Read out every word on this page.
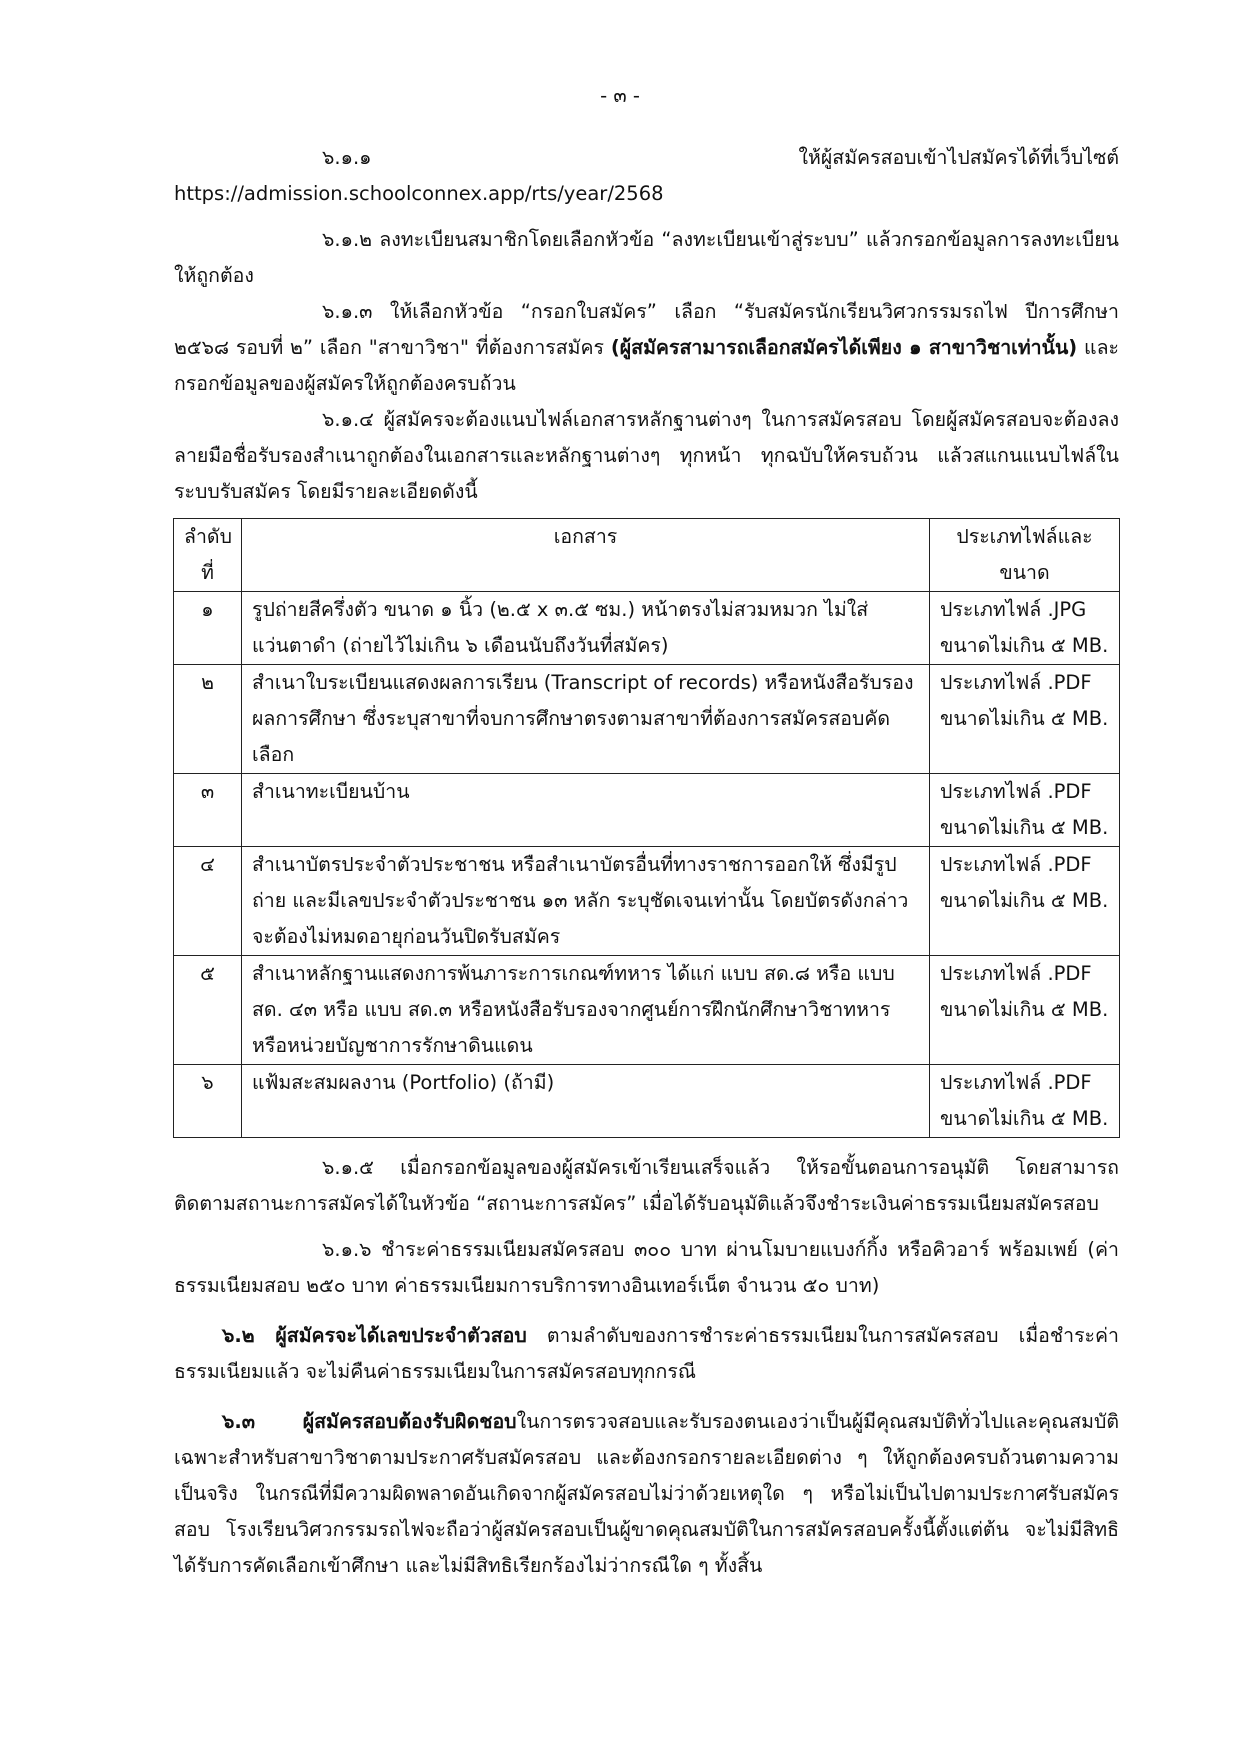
- ๓ -

๖.๑.๑ ให้ผู้สมัครสอบเข้าไปสมัครได้ที่เว็บไซต์ https://admission.schoolconnex.app/rts/year/2568

๖.๑.๒ ลงทะเบียนสมาชิกโดยเลือกหัวข้อ “ลงทะเบียนเข้าสู่ระบบ” แล้วกรอกข้อมูลการลงทะเบียนให้ถูกต้อง

๖.๑.๓ ให้เลือกหัวข้อ “กรอกใบสมัคร” เลือก “รับสมัครนักเรียนวิศวกรรมรถไฟ ปีการศึกษา ๒๕๖๘ รอบที่ ๒” เลือก "สาขาวิชา" ที่ต้องการสมัคร (ผู้สมัครสามารถเลือกสมัครได้เพียง ๑ สาขาวิชาเท่านั้น) และกรอกข้อมูลของผู้สมัครให้ถูกต้องครบถ้วน

๖.๑.๔ ผู้สมัครจะต้องแนบไฟล์เอกสารหลักฐานต่างๆ ในการสมัครสอบ โดยผู้สมัครสอบจะต้องลงลายมือชื่อรับรองสำเนาถูกต้องในเอกสารและหลักฐานต่างๆ ทุกหน้า ทุกฉบับให้ครบถ้วน แล้วสแกนแนบไฟล์ในระบบรับสมัคร โดยมีรายละเอียดดังนี้

ลำดับที่	เอกสาร	ประเภทไฟล์และขนาด
๑	รูปถ่ายสีครึ่งตัว ขนาด ๑ นิ้ว (๒.๕ x ๓.๕ ซม.) หน้าตรงไม่สวมหมวก ไม่ใส่แว่นตาดำ (ถ่ายไว้ไม่เกิน ๖ เดือนนับถึงวันที่สมัคร)	ประเภทไฟล์ .JPG
ขนาดไม่เกิน ๕ MB.

๒	สำเนาใบระเบียนแสดงผลการเรียน (Transcript of records) หรือหนังสือรับรองผลการศึกษา ซึ่งระบุสาขาที่จบการศึกษาตรงตามสาขาที่ต้องการสมัครสอบคัดเลือก	ประเภทไฟล์ .PDF
ขนาดไม่เกิน ๕ MB.

๓	สำเนาทะเบียนบ้าน	ประเภทไฟล์ .PDF
ขนาดไม่เกิน ๕ MB.

๔	สำเนาบัตรประจำตัวประชาชน หรือสำเนาบัตรอื่นที่ทางราชการออกให้ ซึ่งมีรูปถ่าย และมีเลขประจำตัวประชาชน ๑๓ หลัก ระบุชัดเจนเท่านั้น โดยบัตรดังกล่าวจะต้องไม่หมดอายุก่อนวันปิดรับสมัคร	ประเภทไฟล์ .PDF
ขนาดไม่เกิน ๕ MB.

๕	สำเนาหลักฐานแสดงการพ้นภาระการเกณฑ์ทหาร ได้แก่ แบบ สด.๘ หรือ แบบ สด. ๔๓ หรือ แบบ สด.๓ หรือหนังสือรับรองจากศูนย์การฝึกนักศึกษาวิชาทหาร หรือหน่วยบัญชาการรักษาดินแดน	ประเภทไฟล์ .PDF
ขนาดไม่เกิน ๕ MB.

๖	แฟ้มสะสมผลงาน (Portfolio) (ถ้ามี)	ประเภทไฟล์ .PDF
ขนาดไม่เกิน ๕ MB.

๖.๑.๕ เมื่อกรอกข้อมูลของผู้สมัครเข้าเรียนเสร็จแล้ว ให้รอขั้นตอนการอนุมัติ โดยสามารถติดตามสถานะการสมัครได้ในหัวข้อ “สถานะการสมัคร” เมื่อได้รับอนุมัติแล้วจึงชำระเงินค่าธรรมเนียมสมัครสอบ

๖.๑.๖ ชำระค่าธรรมเนียมสมัครสอบ ๓๐๐ บาท ผ่านโมบายแบงก์กิ้ง หรือคิวอาร์ พร้อมเพย์ (ค่าธรรมเนียมสอบ ๒๕๐ บาท ค่าธรรมเนียมการบริการทางอินเทอร์เน็ต จำนวน ๕๐ บาท)

๖.๒ ผู้สมัครจะได้เลขประจำตัวสอบ ตามลำดับของการชำระค่าธรรมเนียมในการสมัครสอบ เมื่อชำระค่าธรรมเนียมแล้ว จะไม่คืนค่าธรรมเนียมในการสมัครสอบทุกกรณี

๖.๓ ผู้สมัครสอบต้องรับผิดชอบในการตรวจสอบและรับรองตนเองว่าเป็นผู้มีคุณสมบัติทั่วไปและคุณสมบัติเฉพาะสำหรับสาขาวิชาตามประกาศรับสมัครสอบ และต้องกรอกรายละเอียดต่าง ๆ ให้ถูกต้องครบถ้วนตามความเป็นจริง ในกรณีที่มีความผิดพลาดอันเกิดจากผู้สมัครสอบไม่ว่าด้วยเหตุใด ๆ หรือไม่เป็นไปตามประกาศรับสมัครสอบ โรงเรียนวิศวกรรมรถไฟจะถือว่าผู้สมัครสอบเป็นผู้ขาดคุณสมบัติในการสมัครสอบครั้งนี้ตั้งแต่ต้น จะไม่มีสิทธิได้รับการคัดเลือกเข้าศึกษา และไม่มีสิทธิเรียกร้องไม่ว่ากรณีใด ๆ ทั้งสิ้น
